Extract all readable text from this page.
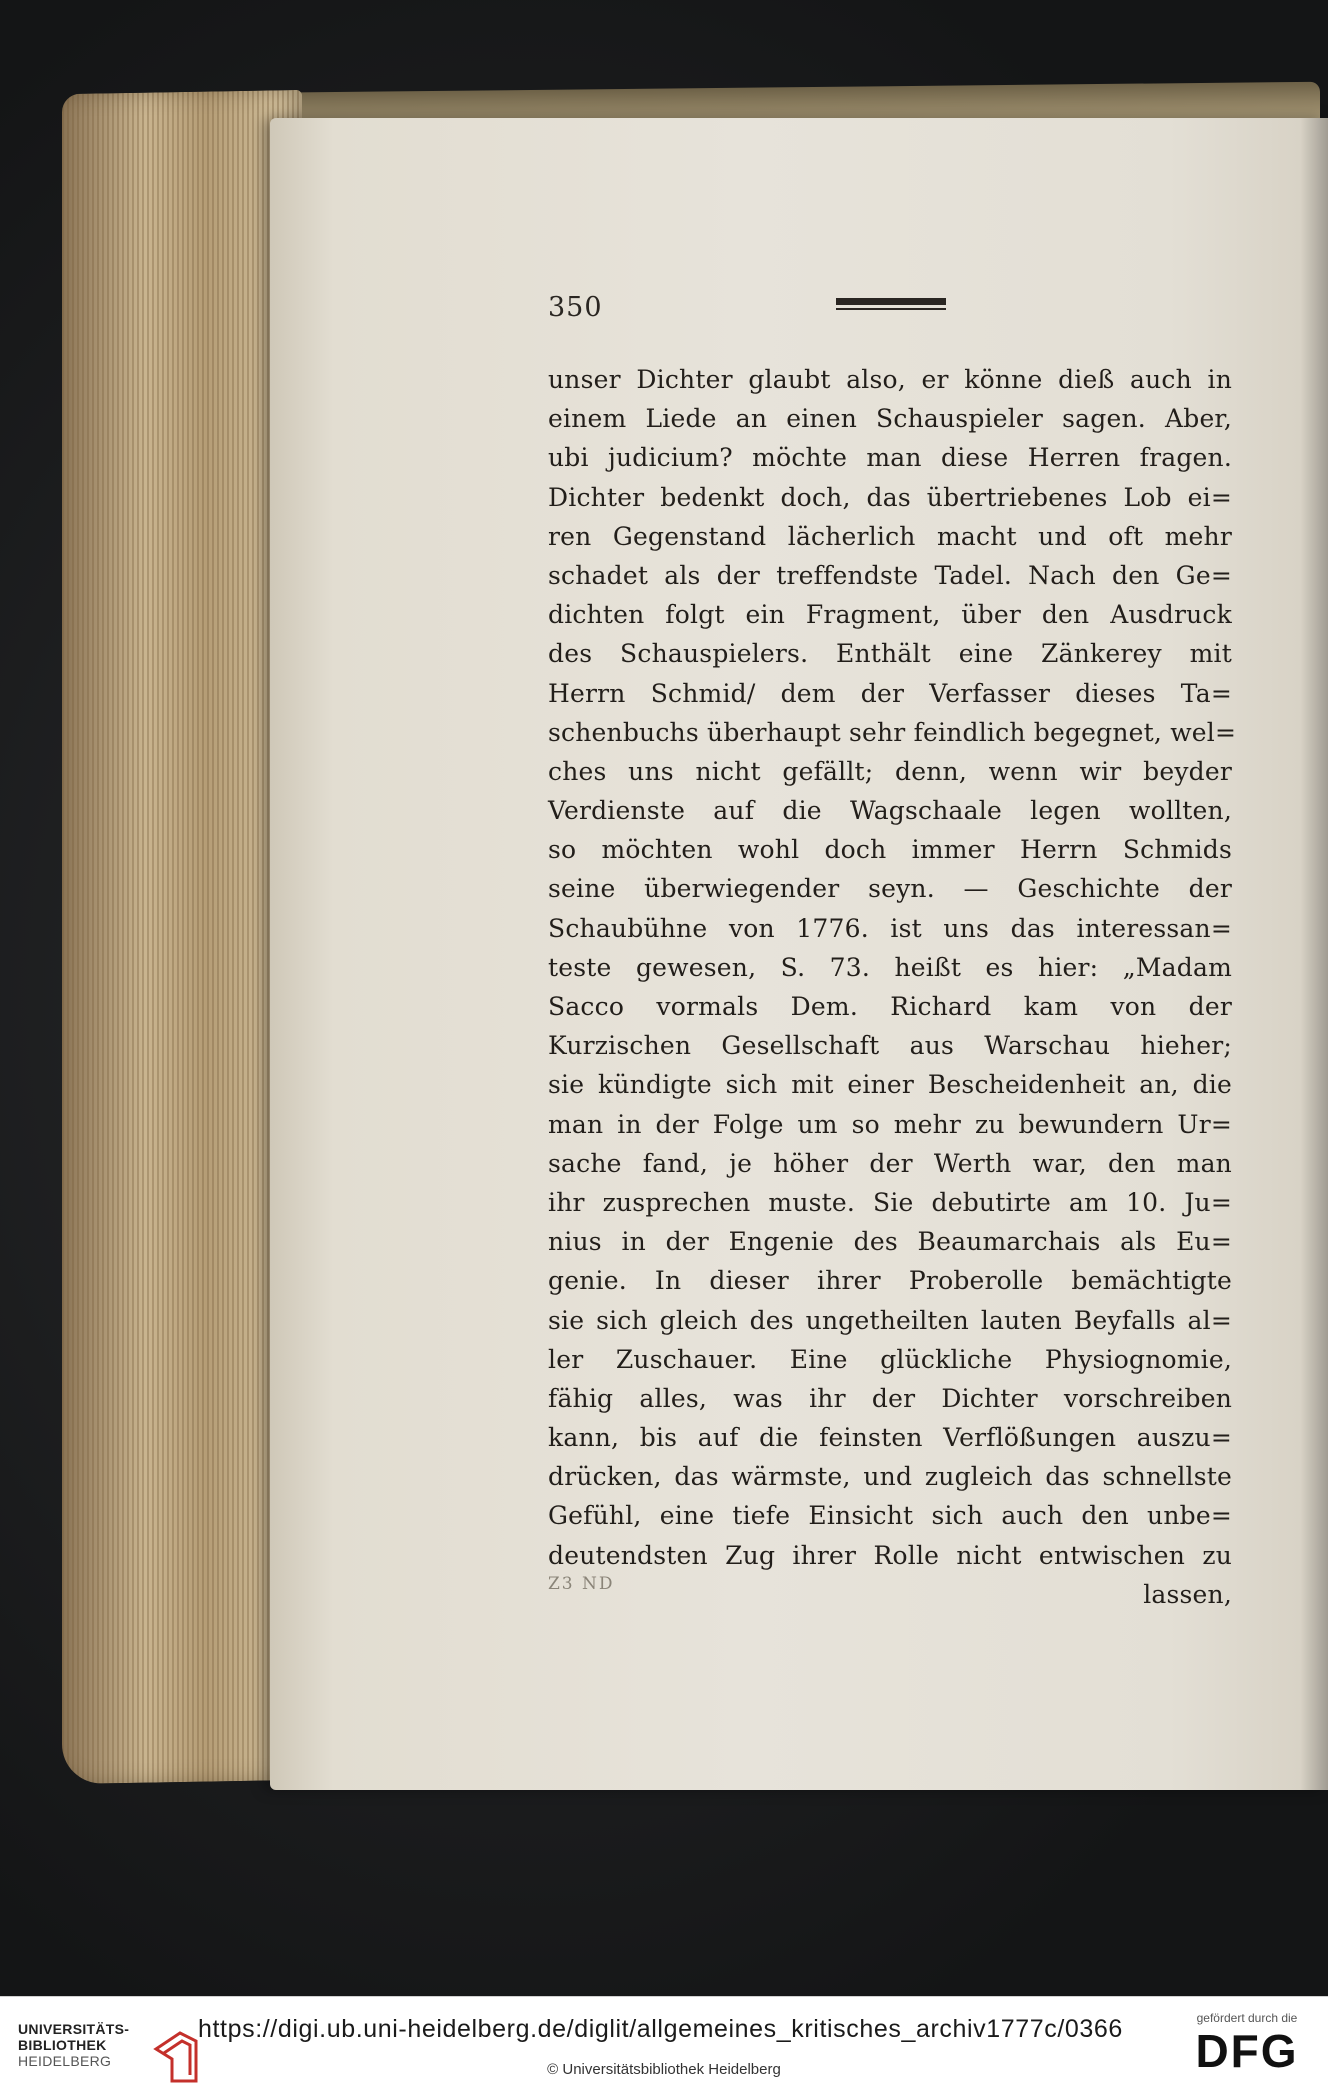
350
unser Dichter glaubt also, er könne dieß auch in
einem Liede an einen Schauspieler sagen. Aber,
ubi judicium? möchte man diese Herren fragen.
Dichter bedenkt doch, das übertriebenes Lob ei=
ren Gegenstand lächerlich macht und oft mehr
schadet als der treffendste Tadel. Nach den Ge=
dichten folgt ein Fragment, über den Ausdruck
des Schauspielers. Enthält eine Zänkerey mit
Herrn Schmid/ dem der Verfasser dieses Ta=
schenbuchs überhaupt sehr feindlich begegnet, wel=
ches uns nicht gefällt; denn, wenn wir beyder
Verdienste auf die Wagschaale legen wollten,
so möchten wohl doch immer Herrn Schmids
seine überwiegender seyn. — Geschichte der
Schaubühne von 1776. ist uns das interessan=
teste gewesen, S. 73. heißt es hier: „Madam
Sacco vormals Dem. Richard kam von der
Kurzischen Gesellschaft aus Warschau hieher;
sie kündigte sich mit einer Bescheidenheit an, die
man in der Folge um so mehr zu bewundern Ur=
sache fand, je höher der Werth war, den man
ihr zusprechen muste. Sie debutirte am 10. Ju=
nius in der Engenie des Beaumarchais als Eu=
genie. In dieser ihrer Proberolle bemächtigte
sie sich gleich des ungetheilten lauten Beyfalls al=
ler Zuschauer. Eine glückliche Physiognomie,
fähig alles, was ihr der Dichter vorschreiben
kann, bis auf die feinsten Verflößungen auszu=
drücken, das wärmste, und zugleich das schnellste
Gefühl, eine tiefe Einsicht sich auch den unbe=
deutendsten Zug ihrer Rolle nicht entwischen zu
lassen,
Z3 ND
UNIVERSITÄTS-
BIBLIOTHEK
HEIDELBERG
https://digi.ub.uni-heidelberg.de/diglit/allgemeines_kritisches_archiv1777c/0366
© Universitätsbibliothek Heidelberg
gefördert durch die
DFG
